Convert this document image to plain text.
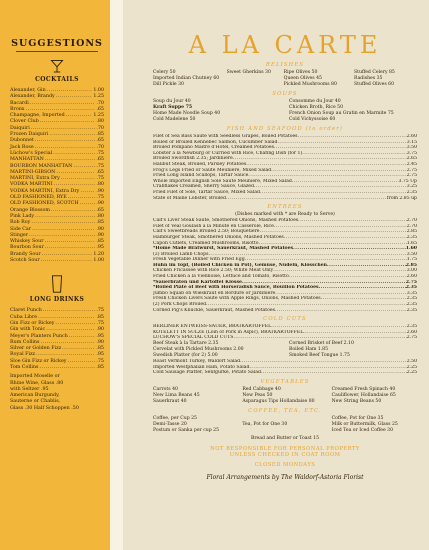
SUGGESTIONS
COCKTAILS
Alexander, Gin .....	1.00
Alexander, Brandy .....	1.25
Bacardi .....	.70
Bronx .....	.65
Champagne, Imported .....	1.25
Clover Club .....	.80
Daiquiri .....	.70
Frozen Daiquiri .....	.85
Dubonnet .....	.65
Jack Rose .....	.70
Lüchow's Special .....	.75
MANHATTAN .....	.65
BOURBON MANHATTAN .....	.75
MARTINI-GIBSON .....	.65
MARTINI, Extra Dry .....	.75
VODKA MARTINI .....	.80
VODKA MARTINI, Extra Dry .....	.90
OLD FASHIONED, RYE .....	.75
OLD FASHIONED, SCOTCH .....	.90
Orange Blossom .....	.65
Pink Lady .....	.80
Rob Roy .....	.85
Side Car .....	.90
Stinger .....	.90
Whiskey Sour .....	.85
Bourbon Sour .....	.95
Brandy Sour .....	1.20
Scotch Sour .....	1.00
LONG DRINKS
Claret Punch .....	.75
Cuba Libre .....	.85
Gin Fizz or Rickey .....	.75
Gin with Tonic .....	.90
Meyer's Planters Punch .....	.95
Rum Collins .....	.90
Silver or Golden Fizz .....	.85
Royal Fizz .....	.95
Sloe Gin Fizz or Rickey .....	.75
Tom Collins .....	.85
Imported Moselle or
Rhine Wine, Glass .80
with Seltzer .95
American Burgundy,
Sauterne or Chablis,
Glass .30 Half Schoppen .50
A LA CARTE
RELISHES
Celery 50	Sweet Gherkins 30	Ripe Olives 50	Stuffed Celery 85
Imported Indian Chutney 60	Queen Olives 45	Radishes 35
Dill Pickle 30	Pickled Mushrooms 80	Stuffed Olives 60
SOUPS
Soup du Jour 40	Consomme du Jour 40
Kraft Suppe 75	Chicken Broth, Rice 50
Home Made Noodle Soup 40	French Onion Soup au Gratin en Marmite 75
Cold Madelene 50	Cold Vichyssoise 60
FISH AND SEAFOOD (to order)
Filet of Sea Bass Sauté with Seedless Grapes, Boiled Potatoes .....	2.60
Boiled or Broiled Kennebec Salmon, Cucumber Salad .....	3.15
Broiled Pompano Maître d'Hotel, Creamed Potatoes .....	3.50
Lobster à la Newburg or Curried with Rice, Chafing Dish (for 1) .....	3.75
Broiled Swordfish 2.35; Jardinière .....	2.65
Halibut Steak, Broiled, Parsley Potatoes .....	2.45
Frog's Legs Fried or Sauté Meunière, Mixed Salad .....	2.75
Fried Long Island Scallops, Tartar Sauce .....	2.75
Whole Imported English Sole Sauté Meunière, Mixed Salad .....	3.75 Up
Crabflakes Creamed, Sherry Sauce, Glazed .....	3.25
Fried Filet of Sole, Tartar Sauce, Mixed Salad .....	2.35
State of Maine Lobster, Broiled .....	from 2.85 up
ENTREES
(Dishes marked with * are Ready to Serve)
Calf's Liver Steak Sauté, Smothered Onions, Mashed Potatoes .....	2.70
Filet of Veal Goulash à la Minute en Casserole, Rice .....	2.70
Calf's Sweetbreads Broiled 2.50; Bouquetière .....	2.85
Hamburger Steak, Smothered Onions, Mashed Potatoes .....	2.35
Capon Cutlets, Creamed Mushrooms, Risotto .....	1.65
*Home Made Bratwurst, Sauerkraut, Mashed Potatoes .....	1.60
(2) Broiled Lamb Chops .....	3.50
Fresh Vegetable Dinner with Fried Egg .....	1.75
Huhn im Topf, (Boiled Chicken in Pot), Gemüse, Nudeln, Klösschen .....	2.85
Chicken Fricassée with Rice 2.50; White Meat Only .....	3.00
Fried Chicken à la Viennoise, Lettuce and Tomato, Risotto .....	2.60
*Sauerbraten und Kartoffel Klösse .....	2.75
*Boiled Plate of Beef with Horseradish Sauce, Bouillon Potatoes .....	2.35
Jumbo Squab on Wieskraut en Bordure or Jardinière .....	3.35
Fresh Chicken Livers Sauté with Apple Rings, Onions, Mashed Potatoes .....	2.35
(2) Pork Chops Broiled .....	2.35
Corned Pig's Knuckle, Sauerkraut, Mashed Potatoes .....	2.35
COLD CUTS
BERLINER ENTWEISS-SAUER, BRATKARTOFFEL .....	2.35
KOTELETT IN SÜLZE (Loin of Pork in Aspic), BRATKARTOFFEL .....	2.60
LÜCHOW'S SPECIAL COLD CUTS .....	2.75
Beef Steak à la Tartare 2.35	Corned Brisket of Beef 2.10
Cervelat with Pickled Mushrooms 2.00	Boiled Ham 1.85
Swedish Platter (for 2) 5.00	Smoked Beef Tongue 1.75
Roast Vermont Turkey, Waldorf Salad .....	2.50
Imported Westphalian Ham, Potato Salad .....	2.25
Cold Sausage Platter, Senfgurke, Potato Salad .....	2.25
VEGETABLES
Carrots 40	Red Cabbage 40	Creamed Fresh Spinach 40
New Lima Beans 45	New Peas 50	Cauliflower, Hollandaise 65
Sauerkraut 40	Asparagus Tips Hollandaise 80	New String Beans 50
COFFEE, TEA, ETC.
Coffee, per Cup 25	Coffee, Pot for One 35
Demi-Tasse 20	Tea, Pot for One 30	Milk or Buttermilk, Glass 25
Postum or Sanka per cup 25	Iced Tea or Iced Coffee 30
Bread and Butter or Toast 15
NOT RESPONSIBLE FOR PERSONAL PROPERTY
UNLESS CHECKED IN COAT ROOM
CLOSED MONDAYS
Floral Arrangements by The Waldorf-Astoria Florist
